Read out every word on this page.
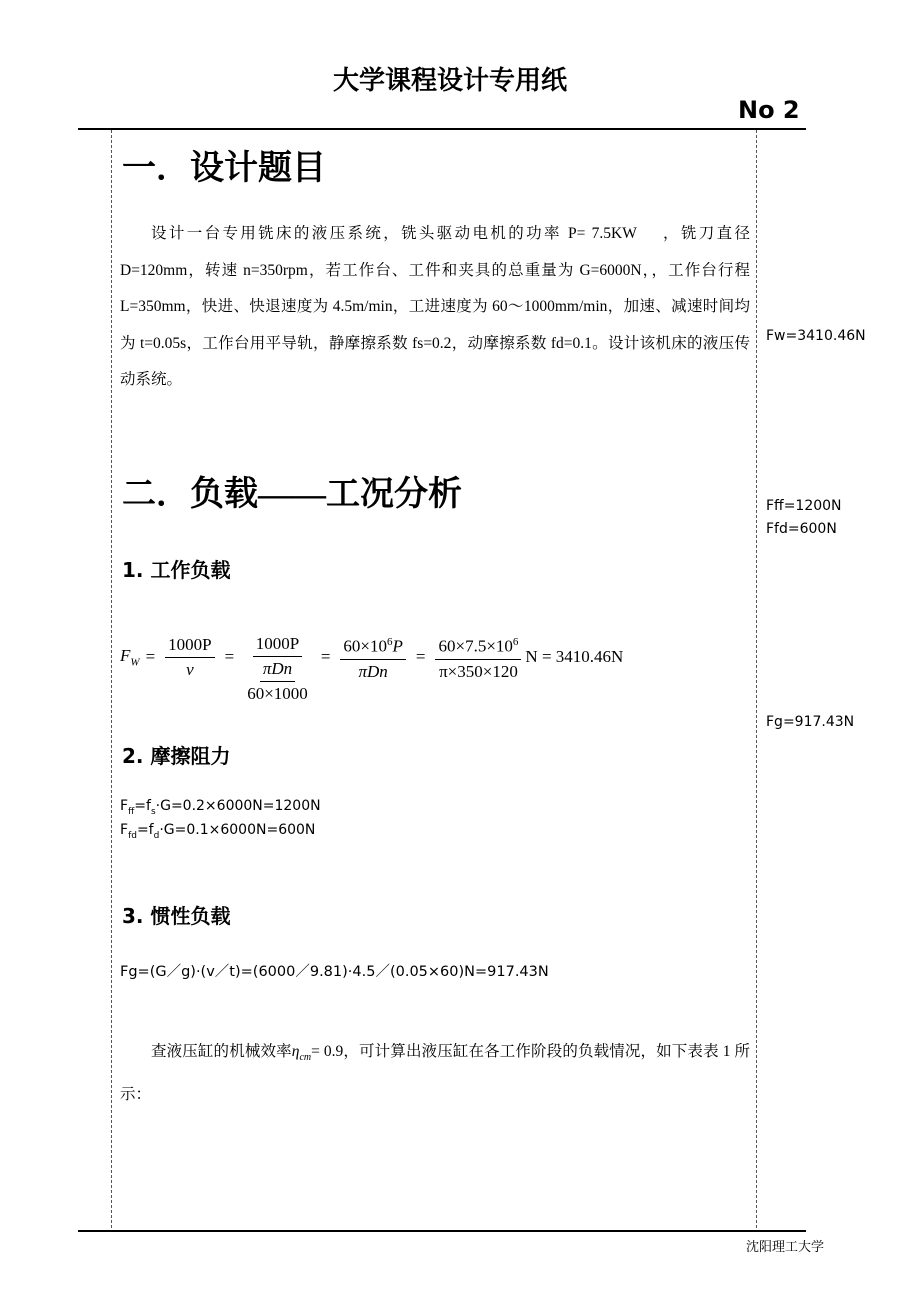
大学课程设计专用纸
No 2
一．设计题目
设计一台专用铣床的液压系统，铣头驱动电机的功率 P= 7.5KW　 ，铣刀直径 D=120mm，转速 n=350rpm，若工作台、工件和夹具的总重量为 G=6000N，，工作台行程 L=350mm，快进、快退速度为 4.5m/min，工进速度为 60～1000mm/min，加速、减速时间均为 t=0.05s，工作台用平导轨，静摩擦系数 fs=0.2，动摩擦系数 fd=0.1。设计该机床的液压传动系统。
二．负载——工况分析
1. 工作负载
$F_W = \frac{1000P}{v} = 1000P$
πDn
$60\times 1000 = \frac{60\times 10^6P}{\text{πDn}} = \frac{60\times 7.5\times 10^6}{\pi\times 350\times 120}$ N = 3410.46N
2. 摩擦阻力
$F_{ff}=f_s\cdot G=0.2\times 6000N=1200N$
$F_{fd}=f_d\cdot G=0.1\times 6000N=600N$
3. 惯性负载
Fg=(G／g)·(v／t)=(6000／9.81)·4.5／(0.05×60)N=917.43N
查液压缸的机械效率$\eta_{cm}= 0.9$，可计算出液压缸在各工作阶段的负载情况，如下表表 1 所示：
Fw=3410.46N
Fff=1200N
Ffd=600N
Fg=917.43N
沈阳理工大学
